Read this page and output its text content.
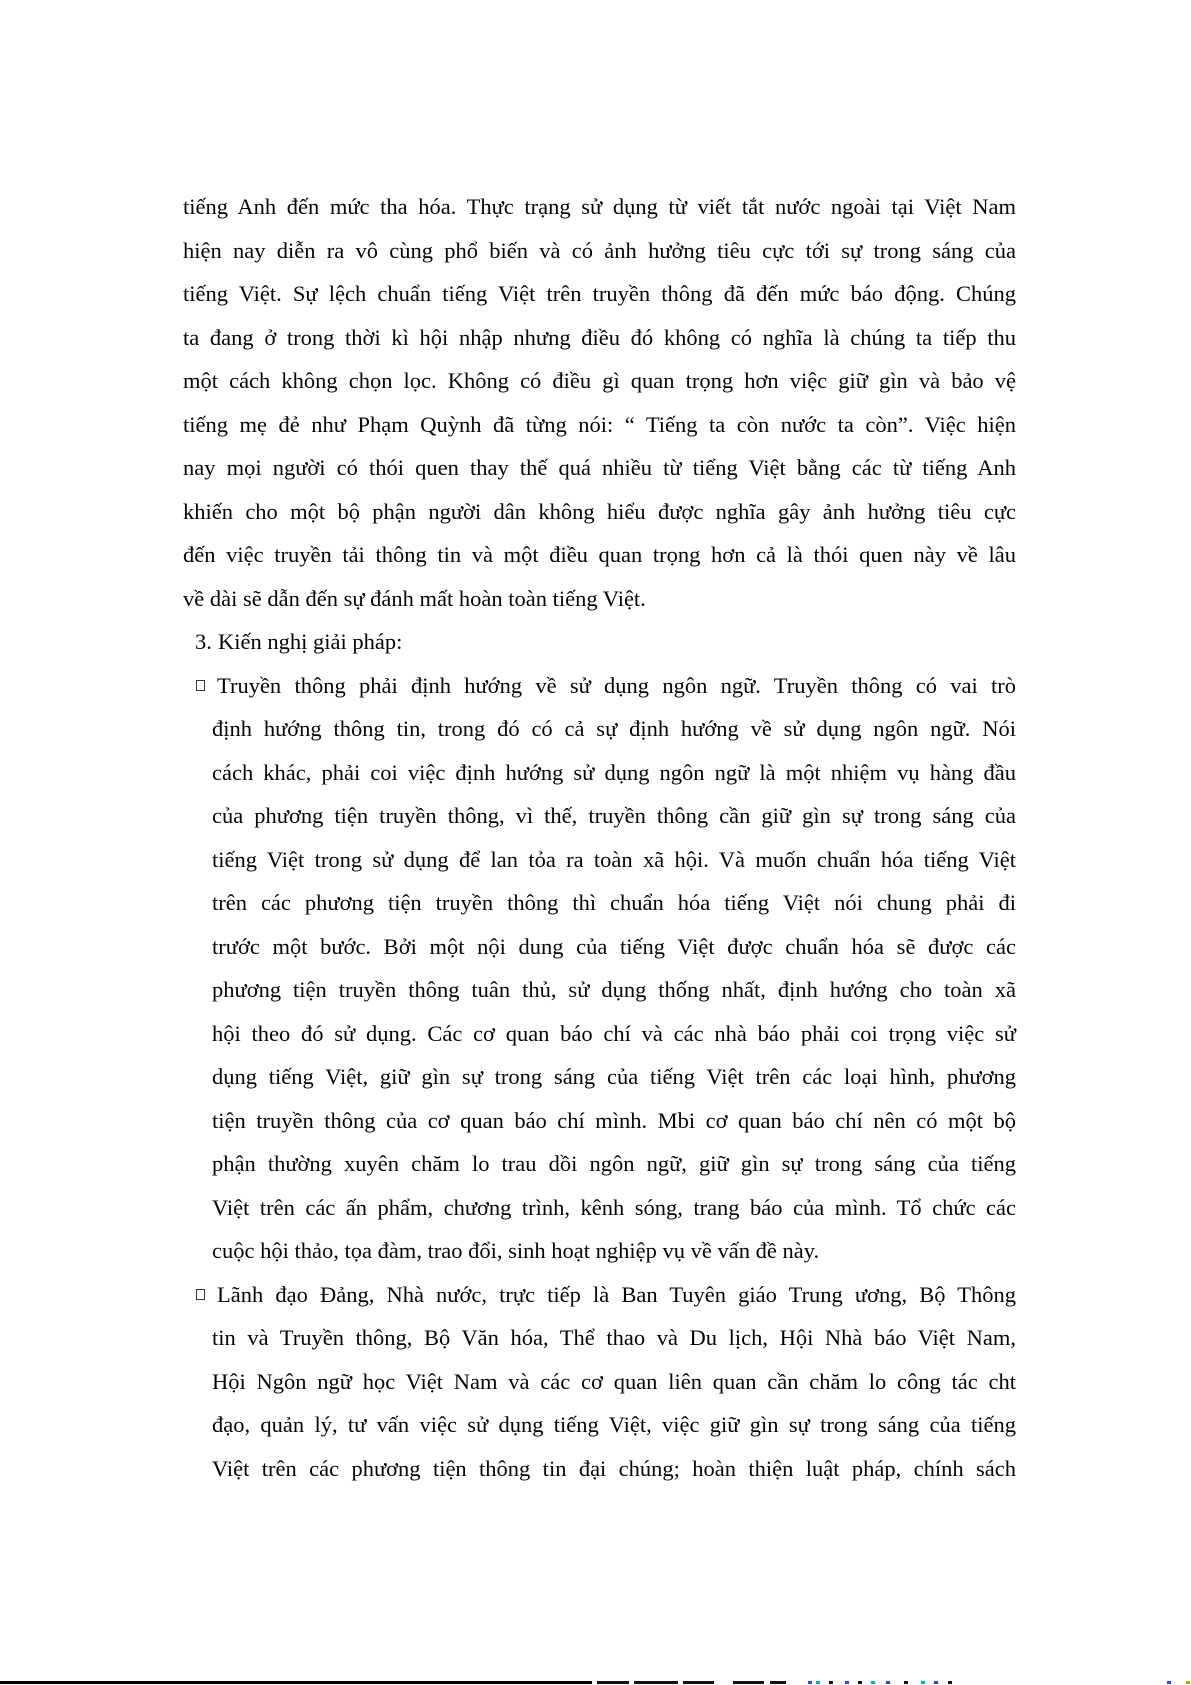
tiếng Anh đến mức tha hóa. Thực trạng sử dụng từ viết tắt nước ngoài tại Việt Nam
hiện nay diễn ra vô cùng phổ biến và có ảnh hưởng tiêu cực tới sự trong sáng của
tiếng Việt. Sự lệch chuẩn tiếng Việt trên truyền thông đã đến mức báo động. Chúng
ta đang ở trong thời kì hội nhập nhưng điều đó không có nghĩa là chúng ta tiếp thu
một cách không chọn lọc. Không có điều gì quan trọng hơn việc giữ gìn và bảo vệ
tiếng mẹ đẻ như Phạm Quỳnh đã từng nói: “ Tiếng ta còn nước ta còn”. Việc hiện
nay mọi người có thói quen thay thế quá nhiều từ tiếng Việt bằng các từ tiếng Anh
khiến cho một bộ phận người dân không hiểu được nghĩa gây ảnh hưởng tiêu cực
đến việc truyền tải thông tin và một điều quan trọng hơn cả là thói quen này về lâu
về dài sẽ dẫn đến sự đánh mất hoàn toàn tiếng Việt.
3. Kiến nghị giải pháp:
Truyền thông phải định hướng về sử dụng ngôn ngữ. Truyền thông có vai trò
định hướng thông tin, trong đó có cả sự định hướng về sử dụng ngôn ngữ. Nói
cách khác, phải coi việc định hướng sử dụng ngôn ngữ là một nhiệm vụ hàng đầu
của phương tiện truyền thông, vì thế, truyền thông cần giữ gìn sự trong sáng của
tiếng Việt trong sử dụng để lan tỏa ra toàn xã hội. Và muốn chuẩn hóa tiếng Việt
trên các phương tiện truyền thông thì chuẩn hóa tiếng Việt nói chung phải đi
trước một bước. Bởi một nội dung của tiếng Việt được chuẩn hóa sẽ được các
phương tiện truyền thông tuân thủ, sử dụng thống nhất, định hướng cho toàn xã
hội theo đó sử dụng. Các cơ quan báo chí và các nhà báo phải coi trọng việc sử
dụng tiếng Việt, giữ gìn sự trong sáng của tiếng Việt trên các loại hình, phương
tiện truyền thông của cơ quan báo chí mình. Mbi cơ quan báo chí nên có một bộ
phận thường xuyên chăm lo trau dồi ngôn ngữ, giữ gìn sự trong sáng của tiếng
Việt trên các ấn phẩm, chương trình, kênh sóng, trang báo của mình. Tổ chức các
cuộc hội thảo, tọa đàm, trao đổi, sinh hoạt nghiệp vụ về vấn đề này.
Lãnh đạo Đảng, Nhà nước, trực tiếp là Ban Tuyên giáo Trung ương, Bộ Thông
tin và Truyền thông, Bộ Văn hóa, Thể thao và Du lịch, Hội Nhà báo Việt Nam,
Hội Ngôn ngữ học Việt Nam và các cơ quan liên quan cần chăm lo công tác cht
đạo, quản lý, tư vấn việc sử dụng tiếng Việt, việc giữ gìn sự trong sáng của tiếng
Việt trên các phương tiện thông tin đại chúng; hoàn thiện luật pháp, chính sách
